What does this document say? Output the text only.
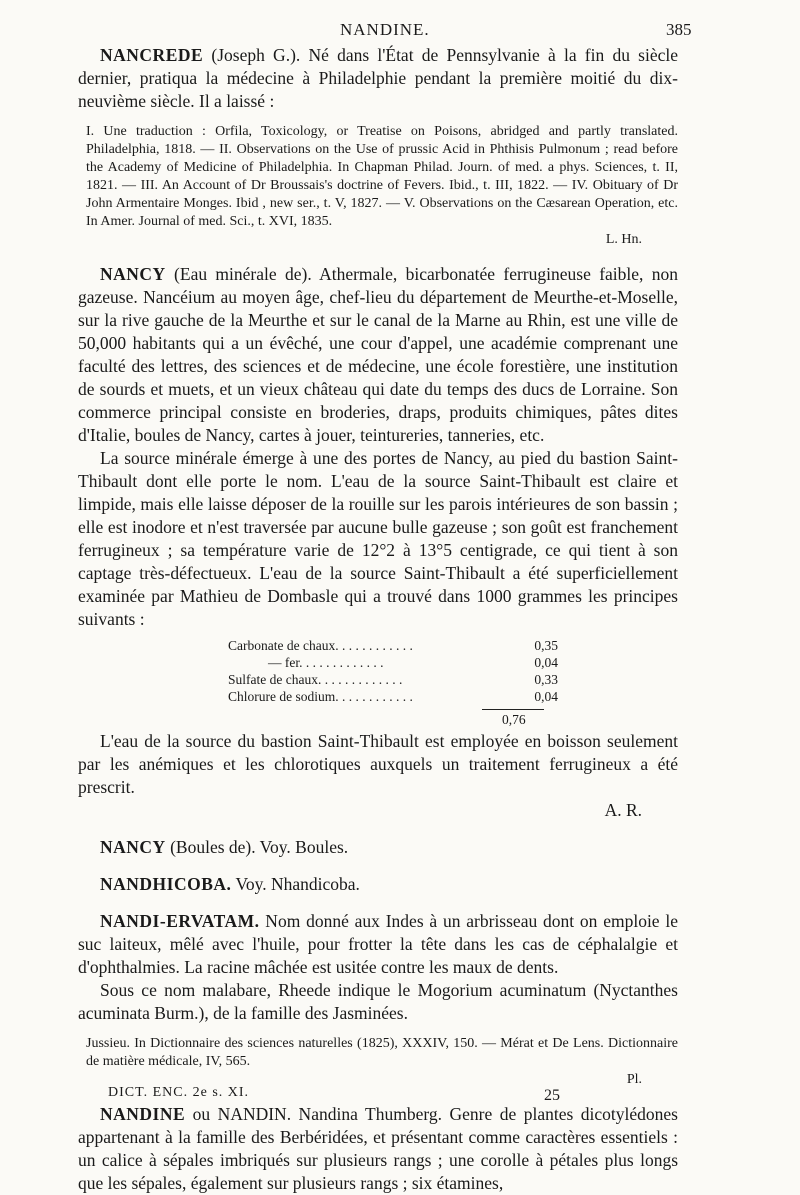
NANDINE.	385

NANCREDE (Joseph G.). Né dans l'État de Pennsylvanie à la fin du siècle dernier, pratiqua la médecine à Philadelphie pendant la première moitié du dix-neuvième siècle. Il a laissé :

I. Une traduction : Orfila, Toxicology, or Treatise on Poisons, abridged and partly translated. Philadelphia, 1818. — II. Observations on the Use of prussic Acid in Phthisis Pulmonum ; read before the Academy of Medicine of Philadelphia. In Chapman Philad. Journ. of med. a phys. Sciences, t. II, 1821. — III. An Account of Dr Broussais's doctrine of Fevers. Ibid., t. III, 1822. — IV. Obituary of Dr John Armentaire Monges. Ibid , new ser., t. V, 1827. — V. Observations on the Cæsarean Operation, etc. In Amer. Journal of med. Sci., t. XVI, 1835.

L. Hn.

NANCY (Eau minérale de). Athermale, bicarbonatée ferrugineuse faible, non gazeuse. Nancéium au moyen âge, chef-lieu du département de Meurthe-et-Moselle, sur la rive gauche de la Meurthe et sur le canal de la Marne au Rhin, est une ville de 50,000 habitants qui a un évêché, une cour d'appel, une académie comprenant une faculté des lettres, des sciences et de médecine, une école forestière, une institution de sourds et muets, et un vieux château qui date du temps des ducs de Lorraine. Son commerce principal consiste en broderies, draps, produits chimiques, pâtes dites d'Italie, boules de Nancy, cartes à jouer, teintureries, tanneries, etc.

La source minérale émerge à une des portes de Nancy, au pied du bastion Saint-Thibault dont elle porte le nom. L'eau de la source Saint-Thibault est claire et limpide, mais elle laisse déposer de la rouille sur les parois intérieures de son bassin ; elle est inodore et n'est traversée par aucune bulle gazeuse ; son goût est franchement ferrugineux ; sa température varie de 12°2 à 13°5 centigrade, ce qui tient à son captage très-défectueux. L'eau de la source Saint-Thibault a été superficiellement examinée par Mathieu de Dombasle qui a trouvé dans 1000 grammes les principes suivants :

Carbonate de chaux. . . . . . . . . . . .	0,35
— fer. . . . . . . . . . . . .	0,04
Sulfate de chaux. . . . . . . . . . . . .	0,33
Chlorure de sodium. . . . . . . . . . . .	0,04
0,76

L'eau de la source du bastion Saint-Thibault est employée en boisson seulement par les anémiques et les chlorotiques auxquels un traitement ferrugineux a été prescrit.

A. R.

NANCY (Boules de). Voy. Boules.

NANDHICOBA. Voy. Nhandicoba.

NANDI-ERVATAM. Nom donné aux Indes à un arbrisseau dont on emploie le suc laiteux, mêlé avec l'huile, pour frotter la tête dans les cas de céphalalgie et d'ophthalmies. La racine mâchée est usitée contre les maux de dents.

Sous ce nom malabare, Rheede indique le Mogorium acuminatum (Nyctanthes acuminata Burm.), de la famille des Jasminées.

Jussieu. In Dictionnaire des sciences naturelles (1825), XXXIV, 150. — Mérat et De Lens. Dictionnaire de matière médicale, IV, 565.

Pl.

NANDINE ou NANDIN. Nandina Thumberg. Genre de plantes dicotylédones appartenant à la famille des Berbéridées, et présentant comme caractères essentiels : un calice à sépales imbriqués sur plusieurs rangs ; une corolle à pétales plus longs que les sépales, également sur plusieurs rangs ; six étamines,

DICT. ENC. 2e s. XI.	25
